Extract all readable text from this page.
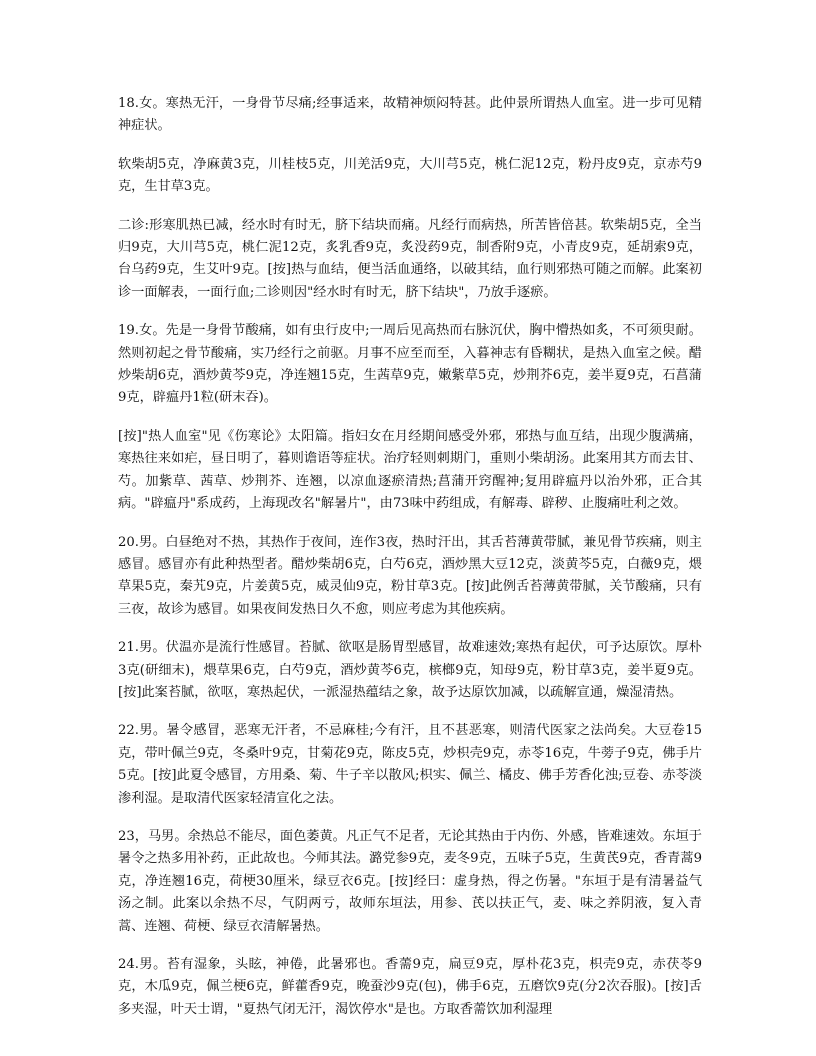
18.女。寒热无汗，一身骨节尽痛;经事适来，故精神烦闷特甚。此仲景所谓热人血室。进一步可见精神症状。

软柴胡5克，净麻黄3克，川桂枝5克，川羌活9克，大川芎5克，桃仁泥12克，粉丹皮9克，京赤芍9克，生甘草3克。

二诊:形寒肌热已减，经水时有时无，脐下结块而痛。凡经行而病热，所苦皆倍甚。软柴胡5克，全当归9克，大川芎5克，桃仁泥12克，炙乳香9克，炙没药9克，制香附9克，小青皮9克，延胡索9克，台乌药9克，生艾叶9克。[按]热与血结，便当活血通络，以破其结，血行则邪热可随之而解。此案初诊一面解表，一面行血;二诊则因"经水时有时无，脐下结块"，乃放手逐瘀。

19.女。先是一身骨节酸痛，如有虫行皮中;一周后见高热而右脉沉伏，胸中懵热如炙，不可须臾耐。然则初起之骨节酸痛，实乃经行之前驱。月事不应至而至，入暮神志有昏糊状，是热入血室之候。醋炒柴胡6克，酒炒黄芩9克，净连翘15克，生茜草9克，嫩紫草5克，炒荆芥6克，姜半夏9克，石菖蒲9克，辟瘟丹1粒(研末吞)。

[按]"热人血室"见《伤寒论》太阳篇。指妇女在月经期间感受外邪，邪热与血互结，出现少腹满痛，寒热往来如疟，昼日明了，暮则谵语等症状。治疗轻则刺期门，重则小柴胡汤。此案用其方而去甘、芍。加紫草、茜草、炒荆芥、连翘，以凉血逐瘀清热;菖蒲开窍醒神;复用辟瘟丹以治外邪，正合其病。"辟瘟丹"系成药，上海现改名"解暑片"，由73味中药组成，有解毒、辟秽、止腹痛吐利之效。

20.男。白昼绝对不热，其热作于夜间，连作3夜，热时汗出，其舌苔薄黄带腻，兼见骨节疾痛，则主感冒。感冒亦有此种热型者。醋炒柴胡6克，白芍6克，酒炒黑大豆12克，淡黄芩5克，白薇9克，煨草果5克，秦艽9克，片姜黄5克，威灵仙9克，粉甘草3克。[按]此例舌苔薄黄带腻，关节酸痛，只有三夜，故诊为感冒。如果夜间发热日久不愈，则应考虑为其他疾病。

21.男。伏温亦是流行性感冒。苔腻、欲呕是肠胃型感冒，故难速效;寒热有起伏，可予达原饮。厚朴3克(研细末)，煨草果6克，白芍9克，酒炒黄芩6克，槟榔9克，知母9克，粉甘草3克，姜半夏9克。[按]此案苔腻，欲呕，寒热起伏，一派湿热蕴结之象，故予达原饮加减，以疏解宣通，燥湿清热。

22.男。暑令感冒，恶寒无汗者，不忌麻桂;今有汗，且不甚恶寒，则清代医家之法尚矣。大豆卷15克，带叶佩兰9克，冬桑叶9克，甘菊花9克，陈皮5克，炒枳壳9克，赤苓16克，牛蒡子9克，佛手片5克。[按]此夏令感冒，方用桑、菊、牛子辛以散风;枳实、佩兰、橘皮、佛手芳香化浊;豆卷、赤苓淡渗利湿。是取清代医家轻清宣化之法。

23，马男。余热总不能尽，面色萎黄。凡正气不足者，无论其热由于内伤、外感，皆难速效。东垣于暑令之热多用补药，正此故也。今师其法。潞党参9克，麦冬9克，五味子5克，生黄芪9克，香青蒿9克，净连翘16克，荷梗30厘米，绿豆衣6克。[按]经曰：虚身热，得之伤暑。"东垣于是有清暑益气汤之制。此案以余热不尽，气阴两亏，故师东垣法，用参、芪以扶正气，麦、味之养阴液，复入青蒿、连翘、荷梗、绿豆衣清解暑热。

24.男。苔有湿象，头眩，神倦，此暑邪也。香薷9克，扁豆9克，厚朴花3克，枳壳9克，赤茯苓9克，木瓜9克，佩兰梗6克，鲜藿香9克，晚蚕沙9克(包)，佛手6克，五磨饮9克(分2次吞服)。[按]舌多夹湿，叶天士谓，"夏热气闭无汗，渴饮停水"是也。方取香薷饮加利湿理
